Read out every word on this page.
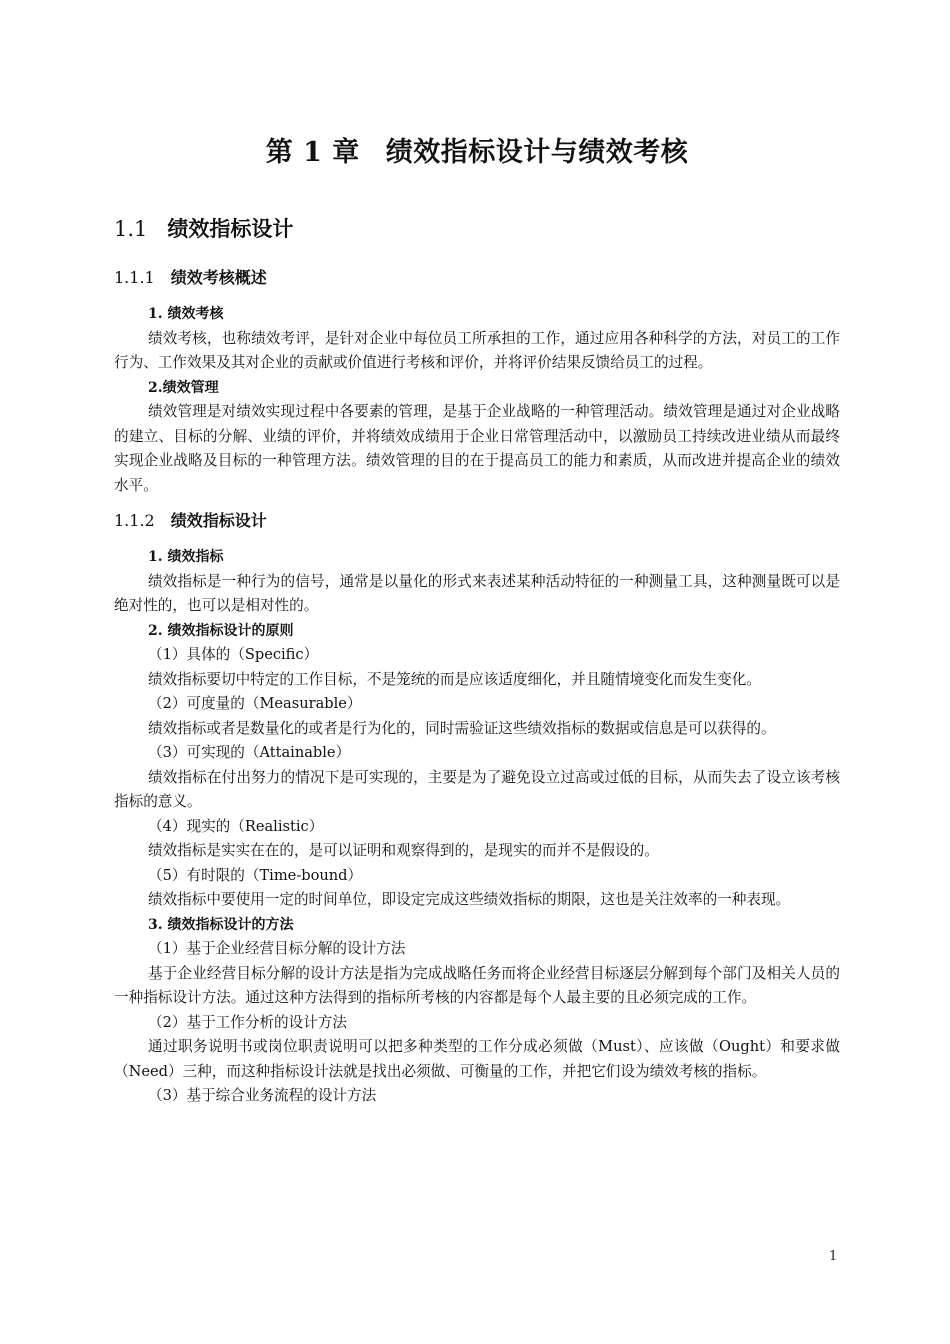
第 1 章 绩效指标设计与绩效考核
1.1 绩效指标设计
1.1.1 绩效考核概述
1. 绩效考核
绩效考核，也称绩效考评，是针对企业中每位员工所承担的工作，通过应用各种科学的方法，对员工的工作行为、工作效果及其对企业的贡献或价值进行考核和评价，并将评价结果反馈给员工的过程。
2.绩效管理
绩效管理是对绩效实现过程中各要素的管理，是基于企业战略的一种管理活动。绩效管理是通过对企业战略的建立、目标的分解、业绩的评价，并将绩效成绩用于企业日常管理活动中，以激励员工持续改进业绩从而最终实现企业战略及目标的一种管理方法。绩效管理的目的在于提高员工的能力和素质，从而改进并提高企业的绩效水平。
1.1.2 绩效指标设计
1. 绩效指标
绩效指标是一种行为的信号，通常是以量化的形式来表述某种活动特征的一种测量工具，这种测量既可以是绝对性的，也可以是相对性的。
2. 绩效指标设计的原则
（1）具体的（Specific）
绩效指标要切中特定的工作目标，不是笼统的而是应该适度细化，并且随情境变化而发生变化。
（2）可度量的（Measurable）
绩效指标或者是数量化的或者是行为化的，同时需验证这些绩效指标的数据或信息是可以获得的。
（3）可实现的（Attainable）
绩效指标在付出努力的情况下是可实现的，主要是为了避免设立过高或过低的目标，从而失去了设立该考核指标的意义。
（4）现实的（Realistic）
绩效指标是实实在在的，是可以证明和观察得到的，是现实的而并不是假设的。
（5）有时限的（Time-bound）
绩效指标中要使用一定的时间单位，即设定完成这些绩效指标的期限，这也是关注效率的一种表现。
3. 绩效指标设计的方法
（1）基于企业经营目标分解的设计方法
基于企业经营目标分解的设计方法是指为完成战略任务而将企业经营目标逐层分解到每个部门及相关人员的一种指标设计方法。通过这种方法得到的指标所考核的内容都是每个人最主要的且必须完成的工作。
（2）基于工作分析的设计方法
通过职务说明书或岗位职责说明可以把多种类型的工作分成必须做（Must）、应该做（Ought）和要求做（Need）三种，而这种指标设计法就是找出必须做、可衡量的工作，并把它们设为绩效考核的指标。
（3）基于综合业务流程的设计方法
1
